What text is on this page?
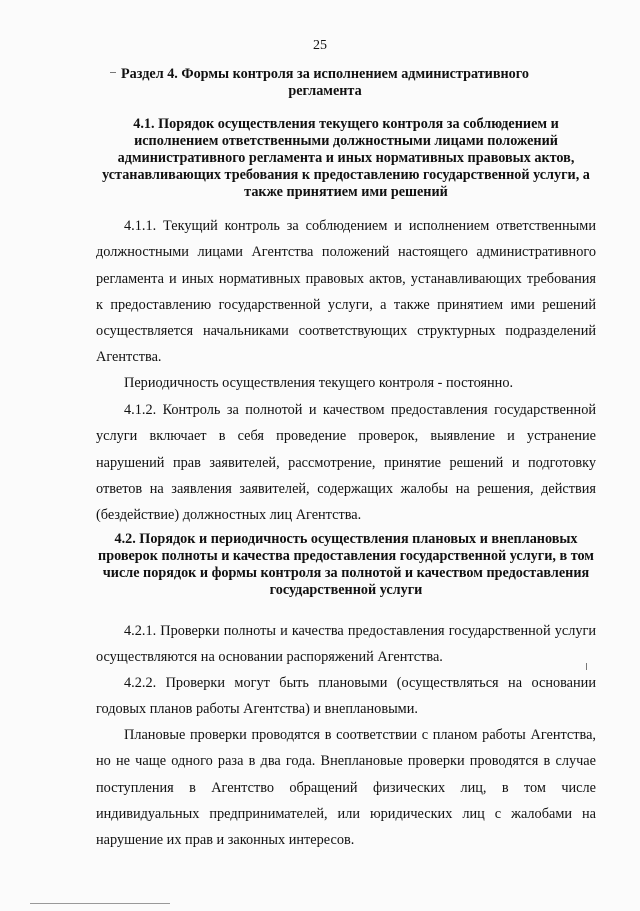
25
Раздел 4. Формы контроля за исполнением административного регламента
4.1. Порядок осуществления текущего контроля за соблюдением и исполнением ответственными должностными лицами положений административного регламента и иных нормативных правовых актов, устанавливающих требования к предоставлению государственной услуги, а также принятием ими решений
4.1.1. Текущий контроль за соблюдением и исполнением ответственными должностными лицами Агентства положений настоящего административного регламента и иных нормативных правовых актов, устанавливающих требования к предоставлению государственной услуги, а также принятием ими решений осуществляется начальниками соответствующих структурных подразделений Агентства.
Периодичность осуществления текущего контроля - постоянно.
4.1.2. Контроль за полнотой и качеством предоставления государственной услуги включает в себя проведение проверок, выявление и устранение нарушений прав заявителей, рассмотрение, принятие решений и подготовку ответов на заявления заявителей, содержащих жалобы на решения, действия (бездействие) должностных лиц Агентства.
4.2. Порядок и периодичность осуществления плановых и внеплановых проверок полноты и качества предоставления государственной услуги, в том числе порядок и формы контроля за полнотой и качеством предоставления государственной услуги
4.2.1. Проверки полноты и качества предоставления государственной услуги осуществляются на основании распоряжений Агентства.
4.2.2. Проверки могут быть плановыми (осуществляться на основании годовых планов работы Агентства) и внеплановыми.
Плановые проверки проводятся в соответствии с планом работы Агентства, но не чаще одного раза в два года. Внеплановые проверки проводятся в случае поступления в Агентство обращений физических лиц, в том числе индивидуальных предпринимателей, или юридических лиц с жалобами на нарушение их прав и законных интересов.
